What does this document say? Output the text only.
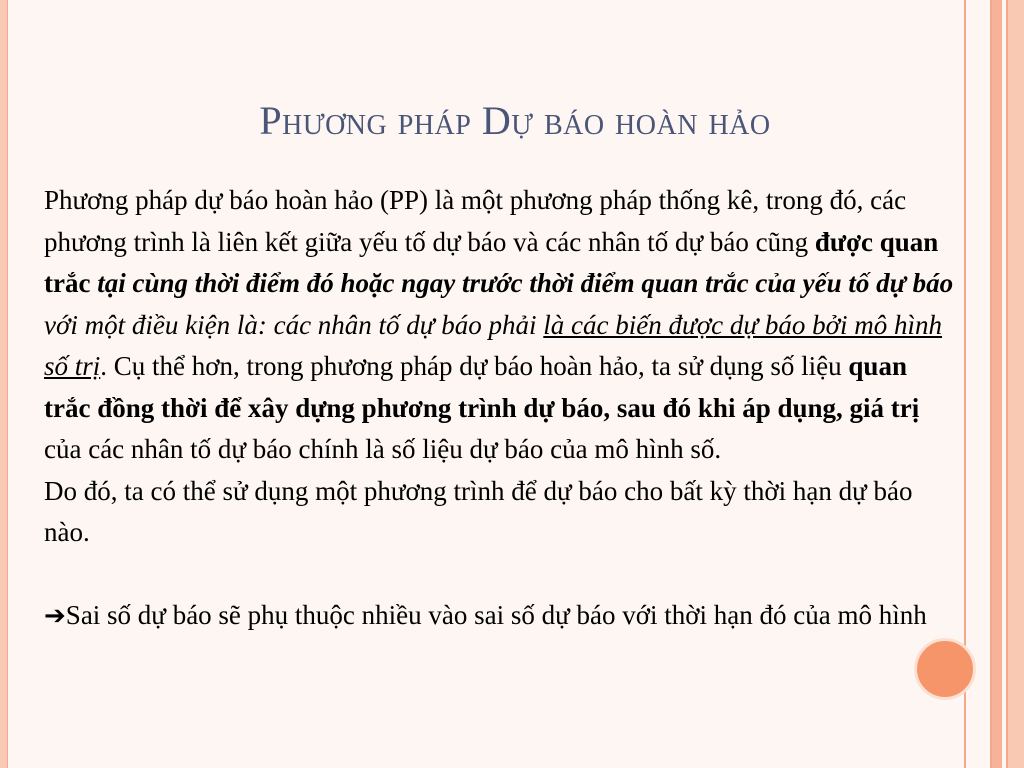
Phương pháp Dự báo hoàn hảo

Phương pháp dự báo hoàn hảo (PP) là một phương pháp thống kê, trong đó, các phương trình là liên kết giữa yếu tố dự báo và các nhân tố dự báo cũng được quan trắc tại cùng thời điểm đó hoặc ngay trước thời điểm quan trắc của yếu tố dự báo với một điều kiện là: các nhân tố dự báo phải là các biến được dự báo bởi mô hình số trị. Cụ thể hơn, trong phương pháp dự báo hoàn hảo, ta sử dụng số liệu quan trắc đồng thời để xây dựng phương trình dự báo, sau đó khi áp dụng, giá trị của các nhân tố dự báo chính là số liệu dự báo của mô hình số.

Do đó, ta có thể sử dụng một phương trình để dự báo cho bất kỳ thời hạn dự báo nào.

➔Sai số dự báo sẽ phụ thuộc nhiều vào sai số dự báo với thời hạn đó của mô hình
